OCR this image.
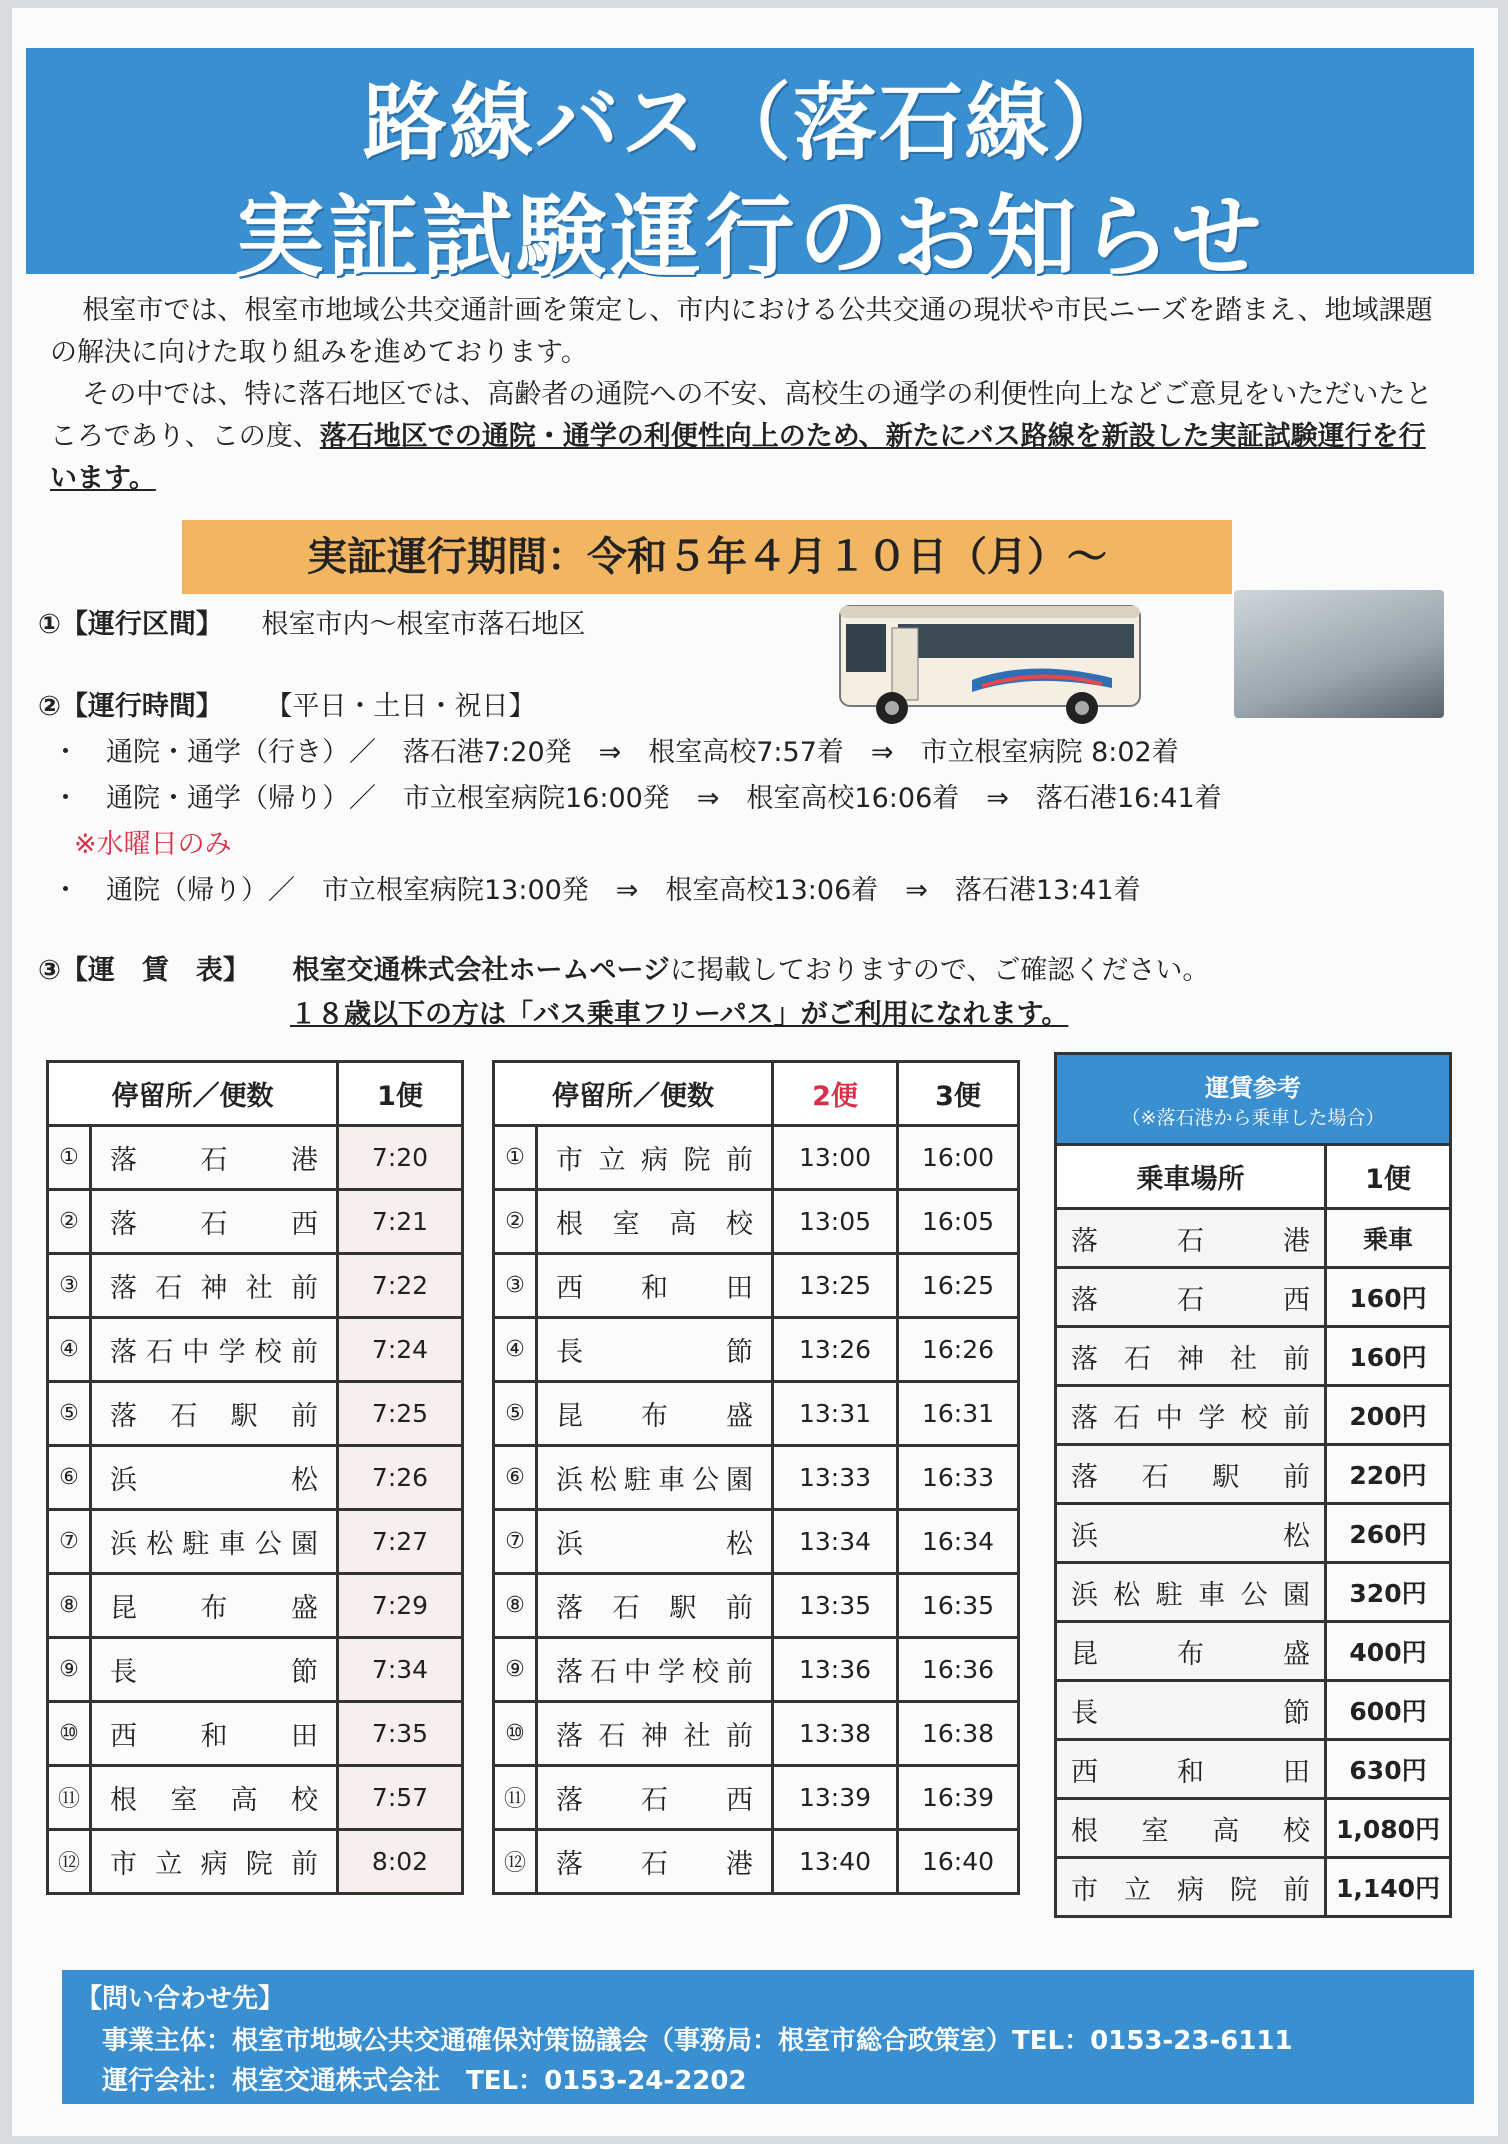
路線バス（落石線）
実証試験運行のお知らせ

根室市では、根室市地域公共交通計画を策定し、市内における公共交通の現状や市民ニーズを踏まえ、地域課題の解決に向けた取り組みを進めております。

その中では、特に落石地区では、高齢者の通院への不安、高校生の通学の利便性向上などご意見をいただいたところであり、この度、落石地区での通院・通学の利便性向上のため、新たにバス路線を新設した実証試験運行を行います。

実証運行期間：令和５年４月１０日（月）～
①【運行区間】 根室市内～根室市落石地区
②【運行時間】 【平日・土日・祝日】
・　通院・通学（行き）／　落石港7:20発　⇒　根室高校7:57着　⇒　市立根室病院 8:02着
・　通院・通学（帰り）／　市立根室病院16:00発　⇒　根室高校16:06着　⇒　落石港16:41着
※水曜日のみ
・　通院（帰り）／　市立根室病院13:00発　⇒　根室高校13:06着　⇒　落石港13:41着
③【運　賃　表】 根室交通株式会社ホームページに掲載しておりますので、ご確認ください。
１８歳以下の方は「バス乗車フリーパス」がご利用になれます。
停留所／便数		1便
①	落石港	7:20
②	落石西	7:21
③	落石神社前	7:22
④	落石中学校前	7:24
⑤	落石駅前	7:25
⑥	浜松	7:26
⑦	浜松駐車公園	7:27
⑧	昆布盛	7:29
⑨	長節	7:34
⑩	西和田	7:35
⑪	根室高校	7:57
⑫	市立病院前	8:02
停留所／便数		2便	3便
①	市立病院前	13:00	16:00
②	根室高校	13:05	16:05
③	西和田	13:25	16:25
④	長節	13:26	16:26
⑤	昆布盛	13:31	16:31
⑥	浜松駐車公園	13:33	16:33
⑦	浜松	13:34	16:34
⑧	落石駅前	13:35	16:35
⑨	落石中学校前	13:36	16:36
⑩	落石神社前	13:38	16:38
⑪	落石西	13:39	16:39
⑫	落石港	13:40	16:40
運賃参考
（※落石港から乗車した場合）	

乗車場所	1便
落石港	乗車
落石西	160円
落石神社前	160円
落石中学校前	200円
落石駅前	220円
浜松	260円
浜松駐車公園	320円
昆布盛	400円
長節	600円
西和田	630円
根室高校	1,080円
市立病院前	1,140円
【問い合わせ先】
事業主体：根室市地域公共交通確保対策協議会（事務局：根室市総合政策室）TEL：0153-23-6111
運行会社：根室交通株式会社　TEL：0153-24-2202
